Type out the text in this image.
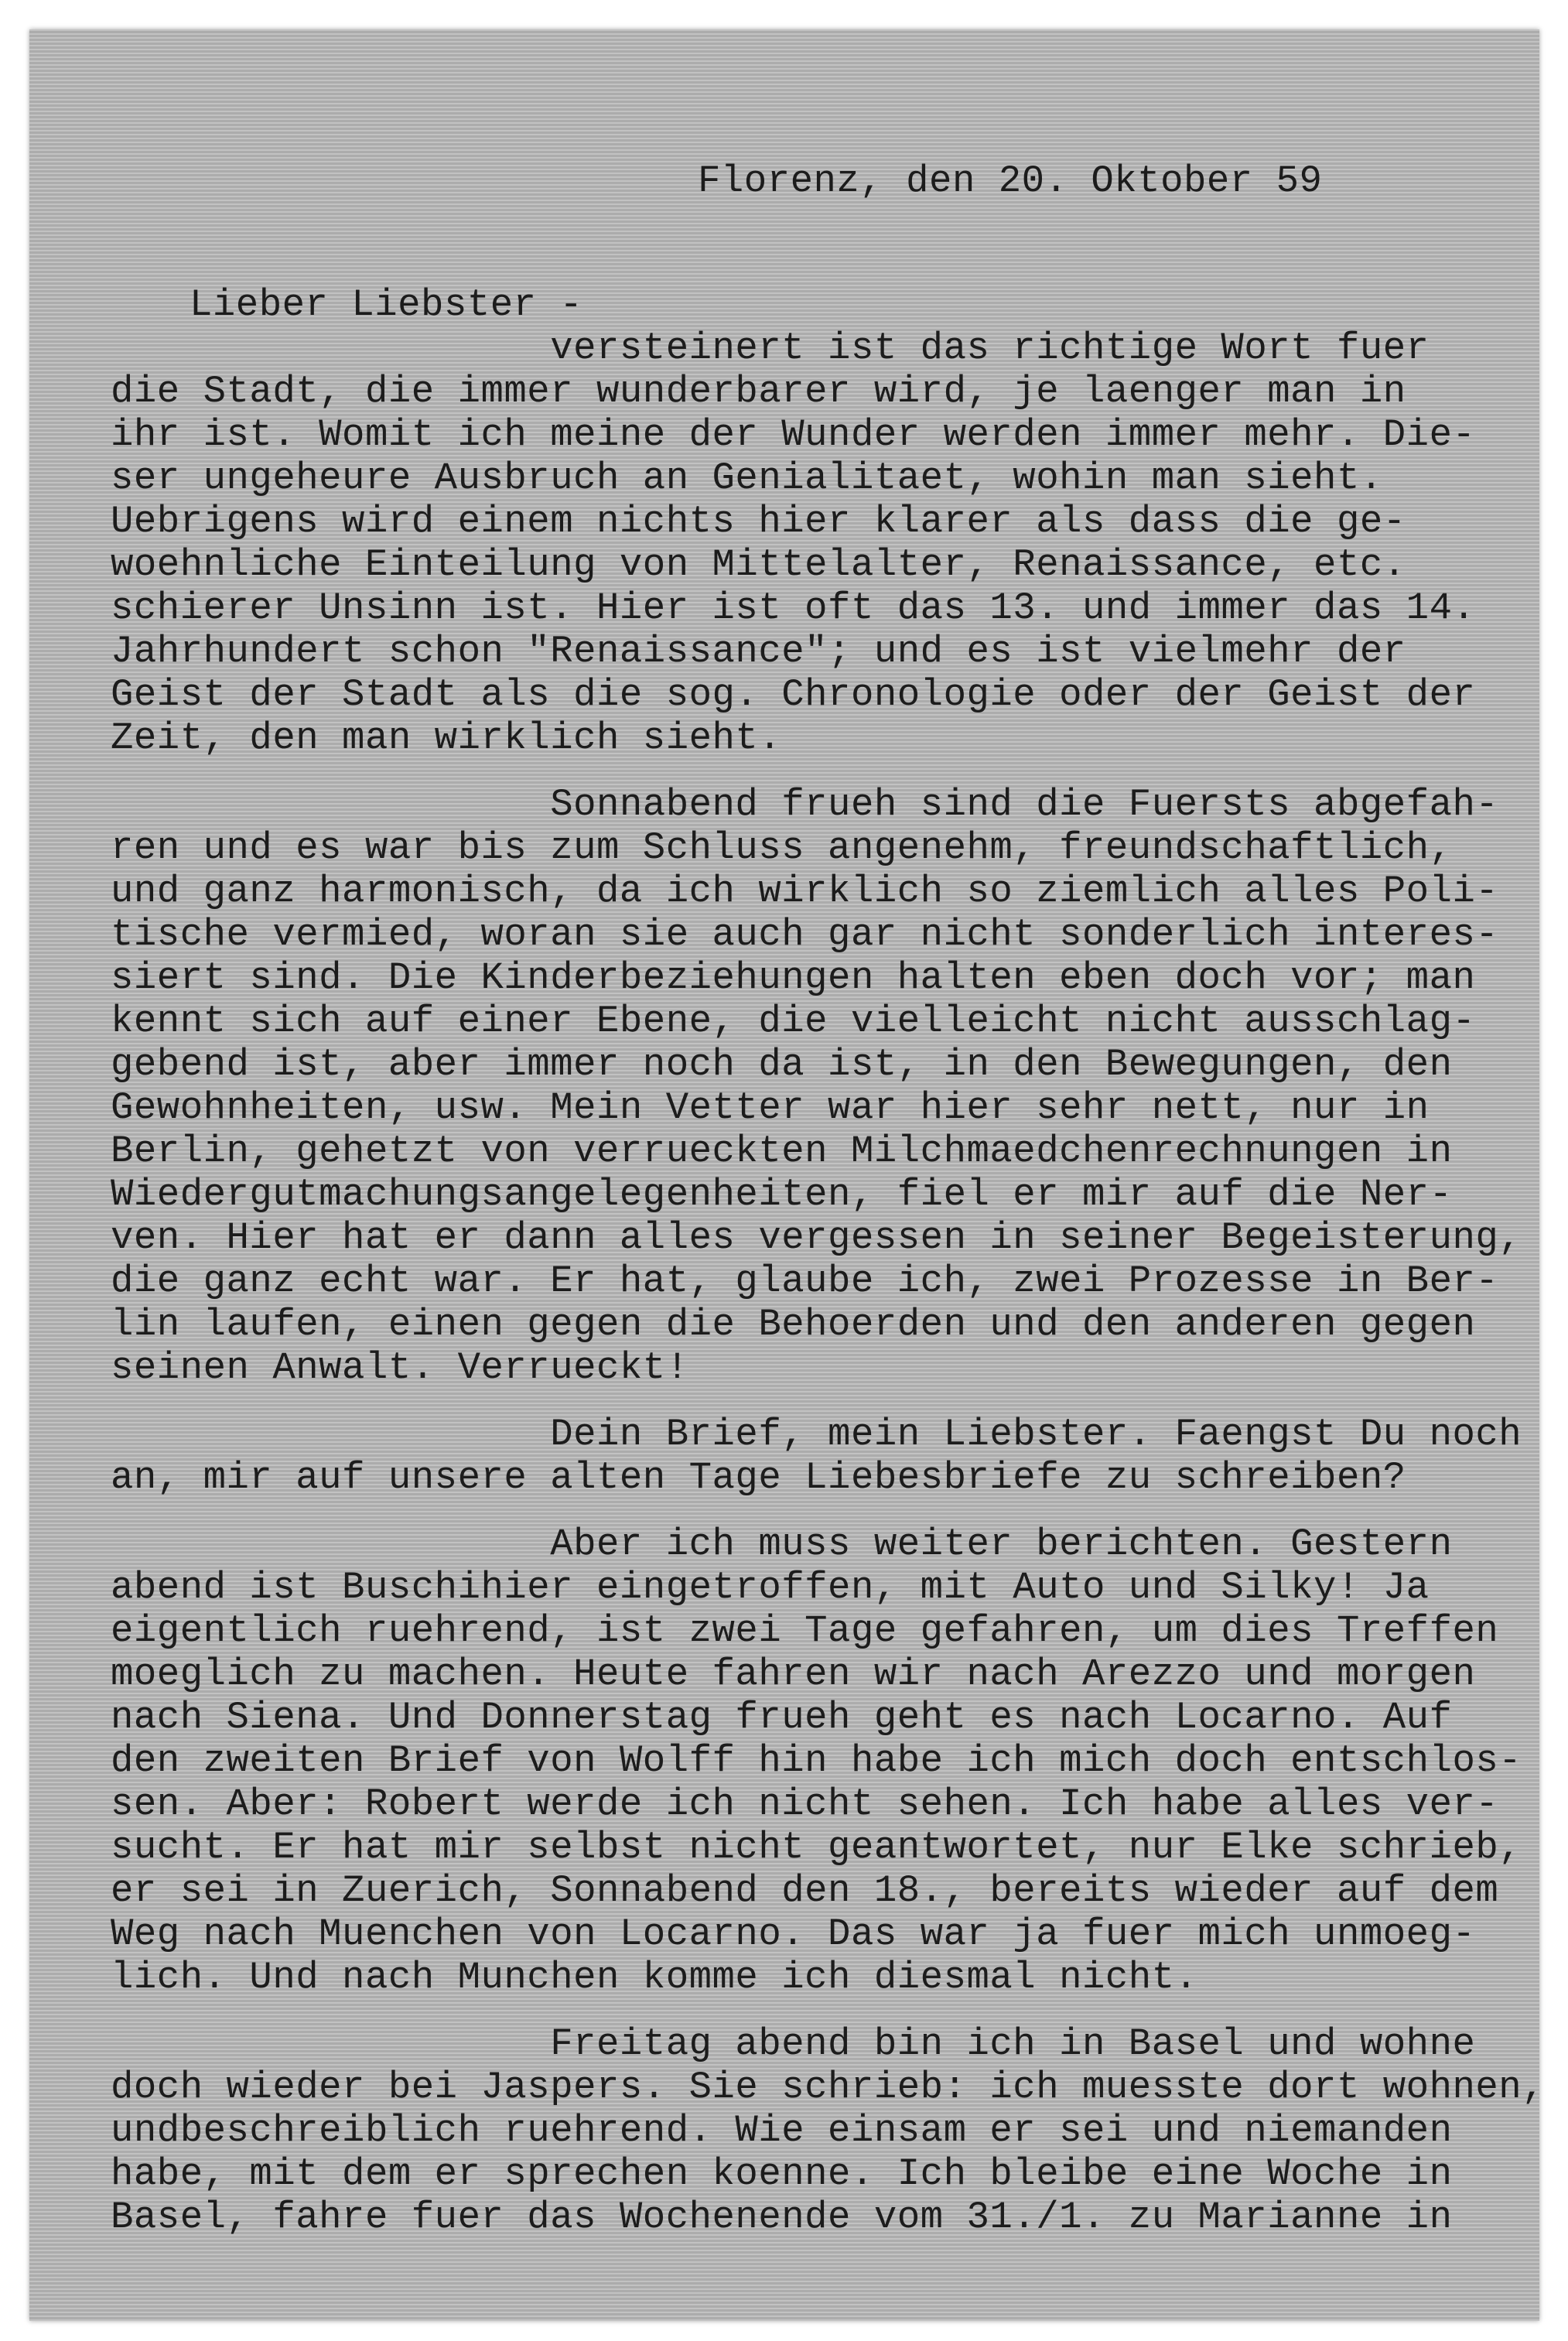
Florenz, den 20. Oktober 59
Lieber Liebster -
versteinert ist das richtige Wort fuer
die Stadt, die immer wunderbarer wird, je laenger man in
ihr ist. Womit ich meine der Wunder werden immer mehr. Die-
ser ungeheure Ausbruch an Genialitaet, wohin man sieht.
Uebrigens wird einem nichts hier klarer als dass die ge-
woehnliche Einteilung von Mittelalter, Renaissance, etc.
schierer Unsinn ist. Hier ist oft das 13. und immer das 14.
Jahrhundert schon "Renaissance"; und es ist vielmehr der
Geist der Stadt als die sog. Chronologie oder der Geist der
Zeit, den man wirklich sieht.
Sonnabend frueh sind die Fuersts abgefah-
ren und es war bis zum Schluss angenehm, freundschaftlich,
und ganz harmonisch, da ich wirklich so ziemlich alles Poli-
tische vermied, woran sie auch gar nicht sonderlich interes-
siert sind. Die Kinderbeziehungen halten eben doch vor; man
kennt sich auf einer Ebene, die vielleicht nicht ausschlag-
gebend ist, aber immer noch da ist, in den Bewegungen, den
Gewohnheiten, usw. Mein Vetter war hier sehr nett, nur in
Berlin, gehetzt von verrueckten Milchmaedchenrechnungen in
Wiedergutmachungsangelegenheiten, fiel er mir auf die Ner-
ven. Hier hat er dann alles vergessen in seiner Begeisterung,
die ganz echt war. Er hat, glaube ich, zwei Prozesse in Ber-
lin laufen, einen gegen die Behoerden und den anderen gegen
seinen Anwalt. Verrueckt!
Dein Brief, mein Liebster. Faengst Du noch
an, mir auf unsere alten Tage Liebesbriefe zu schreiben?
Aber ich muss weiter berichten. Gestern
abend ist Buschihier eingetroffen, mit Auto und Silky! Ja
eigentlich ruehrend, ist zwei Tage gefahren, um dies Treffen
moeglich zu machen. Heute fahren wir nach Arezzo und morgen
nach Siena. Und Donnerstag frueh geht es nach Locarno. Auf
den zweiten Brief von Wolff hin habe ich mich doch entschlos-
sen. Aber: Robert werde ich nicht sehen. Ich habe alles ver-
sucht. Er hat mir selbst nicht geantwortet, nur Elke schrieb,
er sei in Zuerich, Sonnabend den 18., bereits wieder auf dem
Weg nach Muenchen von Locarno. Das war ja fuer mich unmoeg-
lich. Und nach Munchen komme ich diesmal nicht.
Freitag abend bin ich in Basel und wohne
doch wieder bei Jaspers. Sie schrieb: ich muesste dort wohnen,
undbeschreiblich ruehrend. Wie einsam er sei und niemanden
habe, mit dem er sprechen koenne. Ich bleibe eine Woche in
Basel, fahre fuer das Wochenende vom 31./1. zu Marianne in
